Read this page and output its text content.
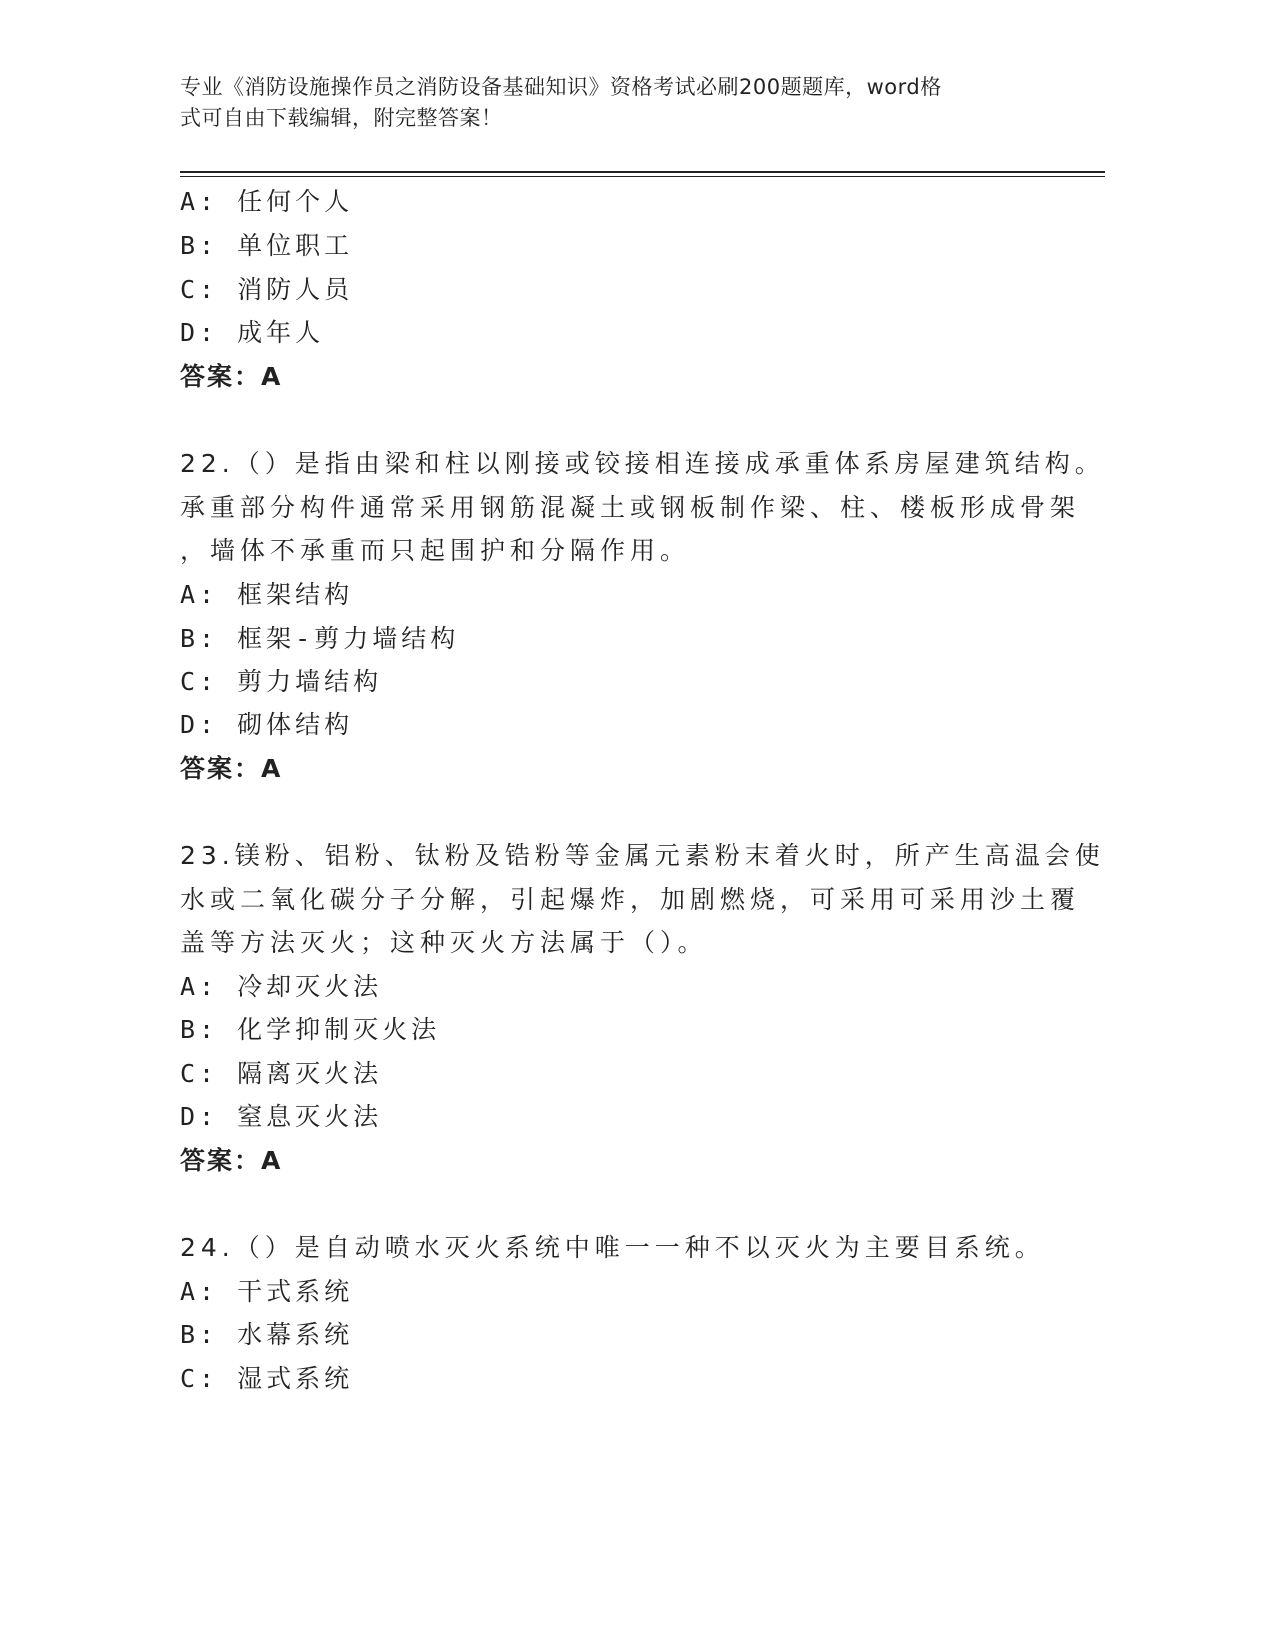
专业《消防设施操作员之消防设备基础知识》资格考试必刷200题题库，word格
式可自由下载编辑，附完整答案！
A: 任何个人
B: 单位职工
C: 消防人员
D: 成年人
答案：A
22.（）是指由梁和柱以刚接或铰接相连接成承重体系房屋建筑结构。
承重部分构件通常采用钢筋混凝土或钢板制作梁、柱、楼板形成骨架
，墙体不承重而只起围护和分隔作用。
A: 框架结构
B: 框架-剪力墙结构
C: 剪力墙结构
D: 砌体结构
答案：A
23.镁粉、铝粉、钛粉及锆粉等金属元素粉末着火时，所产生高温会使
水或二氧化碳分子分解，引起爆炸，加剧燃烧，可采用可采用沙土覆
盖等方法灭火；这种灭火方法属于（）。
A: 冷却灭火法
B: 化学抑制灭火法
C: 隔离灭火法
D: 窒息灭火法
答案：A
24.（）是自动喷水灭火系统中唯一一种不以灭火为主要目系统。
A: 干式系统
B: 水幕系统
C: 湿式系统
